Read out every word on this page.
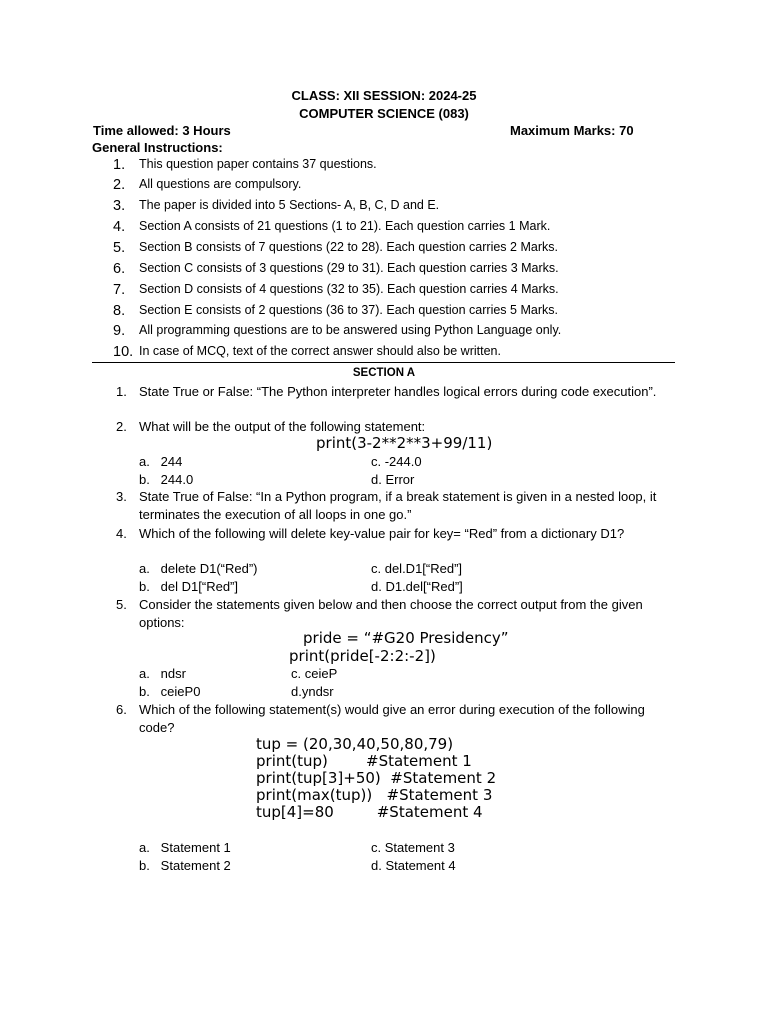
CLASS: XII SESSION: 2024-25
COMPUTER SCIENCE (083)
Time allowed: 3 Hours	Maximum Marks: 70
General Instructions:
1.	This question paper contains 37 questions.
2.	All questions are compulsory.
3.	The paper is divided into 5 Sections- A, B, C, D and E.
4.	Section A consists of 21 questions (1 to 21). Each question carries 1 Mark.
5.	Section B consists of 7 questions (22 to 28). Each question carries 2 Marks.
6.	Section C consists of 3 questions (29 to 31). Each question carries 3 Marks.
7.	Section D consists of 4 questions (32 to 35). Each question carries 4 Marks.
8.	Section E consists of 2 questions (36 to 37). Each question carries 5 Marks.
9.	All programming questions are to be answered using Python Language only.
10. In case of MCQ, text of the correct answer should also be written.
SECTION A
1. State True or False: “The Python interpreter handles logical errors during code execution”.
2. What will be the output of the following statement:
print(3-2**2**3+99/11)
a.   244	c. -244.0
b.   244.0	d. Error
3. State True of False: “In a Python program, if a break statement is given in a nested loop, it terminates the execution of all loops in one go.”
4. Which of the following will delete key-value pair for key= “Red” from a dictionary D1?
a.   delete D1(“Red”)	c. del.D1[“Red”]
b.   del D1[“Red”]	d. D1.del[“Red”]
5. Consider the statements given below and then choose the correct output from the given options:
pride = “#G20 Presidency”
print(pride[-2:2:-2])
a.   ndsr	c. ceieP
b.   ceieP0	d.yndsr
6. Which of the following statement(s) would give an error during execution of the following code?
tup = (20,30,40,50,80,79)
print(tup)        #Statement 1
print(tup[3]+50)  #Statement 2
print(max(tup))   #Statement 3
tup[4]=80         #Statement 4
a.   Statement 1	c. Statement 3
b.   Statement 2	d. Statement 4
